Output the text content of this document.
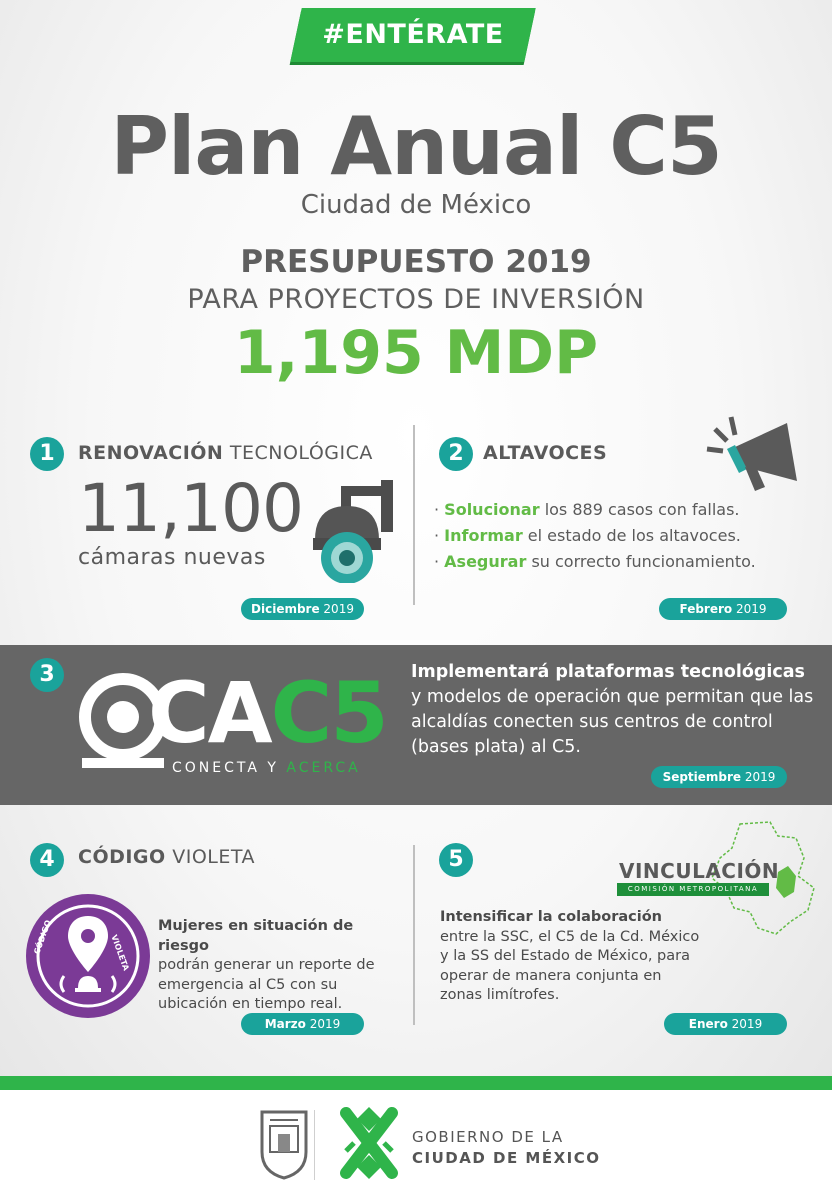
#ENTÉRATE
Plan Anual C5
Ciudad de México
PRESUPUESTO 2019
PARA PROYECTOS DE INVERSIÓN
1,195 MDP
1	RENOVACIÓN TECNOLÓGICA
11,100
cámaras nuevas
Diciembre 2019
2	ALTAVOCES
· Solucionar los 889 casos con fallas.
· Informar el estado de los altavoces.
· Asegurar su correcto funcionamiento.
Febrero 2019
3 CAC5
CONECTA Y ACERCA
Implementará plataformas tecnológicas
y modelos de operación que permitan que las alcaldías conecten sus centros de control (bases plata) al C5.
Septiembre 2019
4	CÓDIGO VIOLETA
CÓDIGO	VIOLETA
Mujeres en situación de riesgo
podrán generar un reporte de emergencia al C5 con su ubicación en tiempo real.
Marzo 2019
5	VINCULACIÓN
COMISIÓN METROPOLITANA
Intensificar la colaboración entre la SSC, el C5 de la Cd. México y la SS del Estado de México, para operar de manera conjunta en zonas limítrofes.
Enero 2019
GOBIERNO DE LA
CIUDAD DE MÉXICO
